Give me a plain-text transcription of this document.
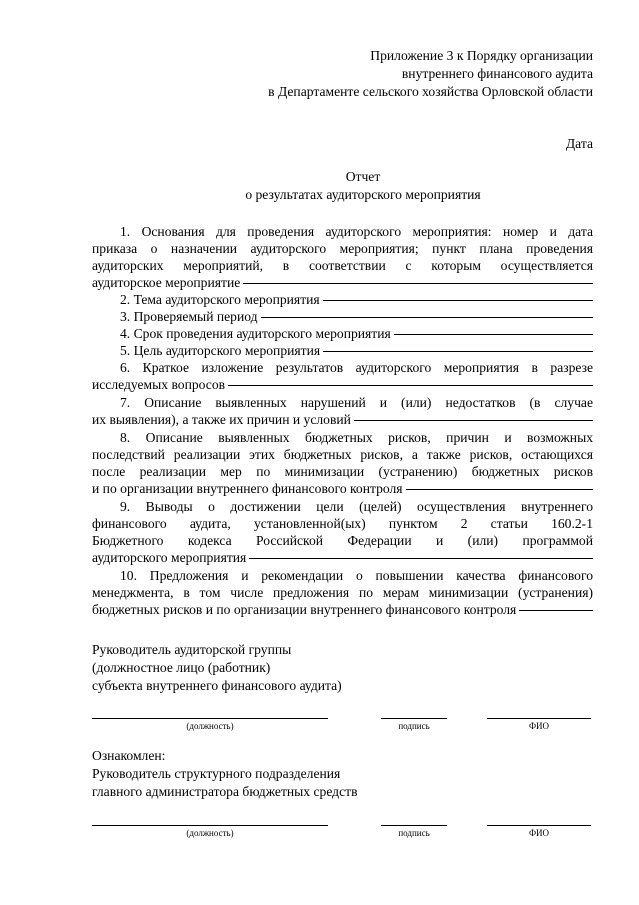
Приложение 3 к Порядку организации
внутреннего финансового аудита
в Департаменте сельского хозяйства Орловской области
Дата
Отчет
о результатах аудиторского мероприятия
1. Основания для проведения аудиторского мероприятия: номер и дата
приказа о назначении аудиторского мероприятия; пункт плана проведения
аудиторских мероприятий, в соответствии с которым осуществляется
аудиторское мероприятие
2. Тема аудиторского мероприятия
3. Проверяемый период
4. Срок проведения аудиторского мероприятия
5. Цель аудиторского мероприятия
6. Краткое изложение результатов аудиторского мероприятия в разрезе
исследуемых вопросов
7. Описание выявленных нарушений и (или) недостатков (в случае
их выявления), а также их причин и условий
8. Описание выявленных бюджетных рисков, причин и возможных
последствий реализации этих бюджетных рисков, а также рисков, остающихся
после реализации мер по минимизации (устранению) бюджетных рисков
и по организации внутреннего финансового контроля
9. Выводы о достижении цели (целей) осуществления внутреннего
финансового аудита, установленной(ых) пунктом 2 статьи 160.2-1
Бюджетного кодекса Российской Федерации и (или) программой
аудиторского мероприятия
10. Предложения и рекомендации о повышении качества финансового
менеджмента, в том числе предложения по мерам минимизации (устранения)
бюджетных рисков и по организации внутреннего финансового контроля
Руководитель аудиторской группы
(должностное лицо (работник)
субъекта внутреннего финансового аудита)
(должность)	подпись	ФИО
Ознакомлен:
Руководитель структурного подразделения
главного администратора бюджетных средств
(должность)	подпись	ФИО
